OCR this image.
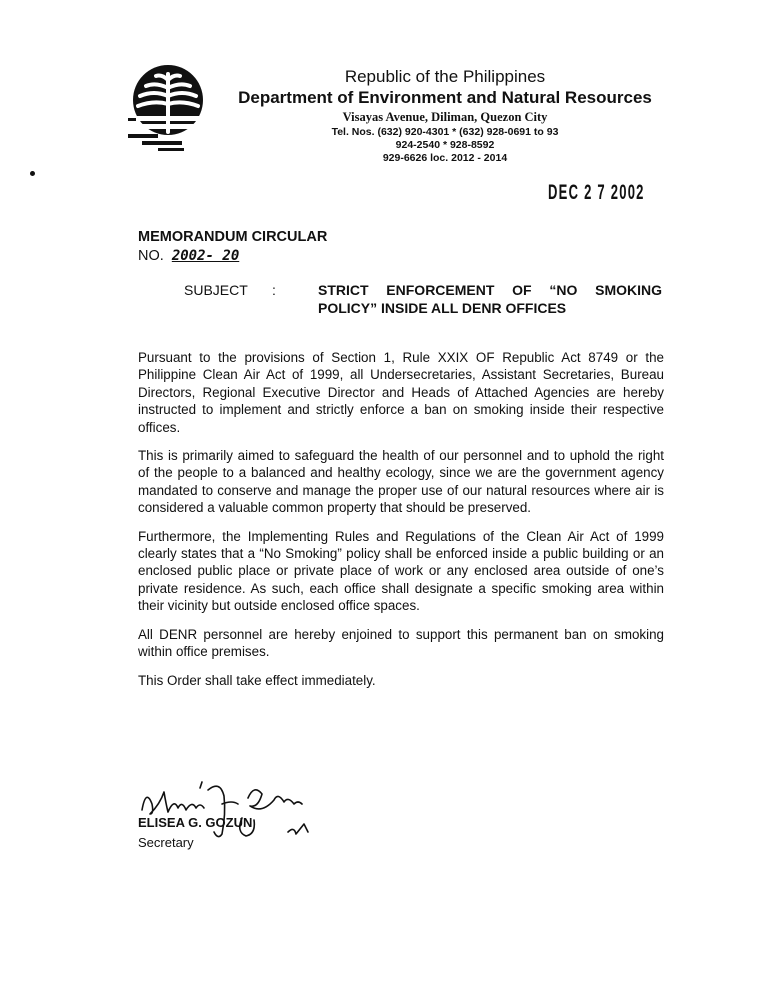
Republic of the Philippines
Department of Environment and Natural Resources
Visayas Avenue, Diliman, Quezon City
Tel. Nos. (632) 920-4301 * (632) 928-0691 to 93
924-2540 * 928-8592
929-6626 loc. 2012 - 2014
DEC 2 7 2002
MEMORANDUM CIRCULAR
NO. 2002- 20
SUBJECT :	STRICT ENFORCEMENT OF “NO SMOKING POLICY” INSIDE ALL DENR OFFICES

Pursuant to the provisions of Section 1, Rule XXIX OF Republic Act 8749 or the Philippine Clean Air Act of 1999, all Undersecretaries, Assistant Secretaries, Bureau Directors, Regional Executive Director and Heads of Attached Agencies are hereby instructed to implement and strictly enforce a ban on smoking inside their respective offices.

This is primarily aimed to safeguard the health of our personnel and to uphold the right of the people to a balanced and healthy ecology, since we are the government agency mandated to conserve and manage the proper use of our natural resources where air is considered a valuable common property that should be preserved.

Furthermore, the Implementing Rules and Regulations of the Clean Air Act of 1999 clearly states that a “No Smoking” policy shall be enforced inside a public building or an enclosed public place or private place of work or any enclosed area outside of one’s private residence. As such, each office shall designate a specific smoking area within their vicinity but outside enclosed office spaces.

All DENR personnel are hereby enjoined to support this permanent ban on smoking within office premises.

This Order shall take effect immediately.

ELISEA G. GOZUN
Secretary
